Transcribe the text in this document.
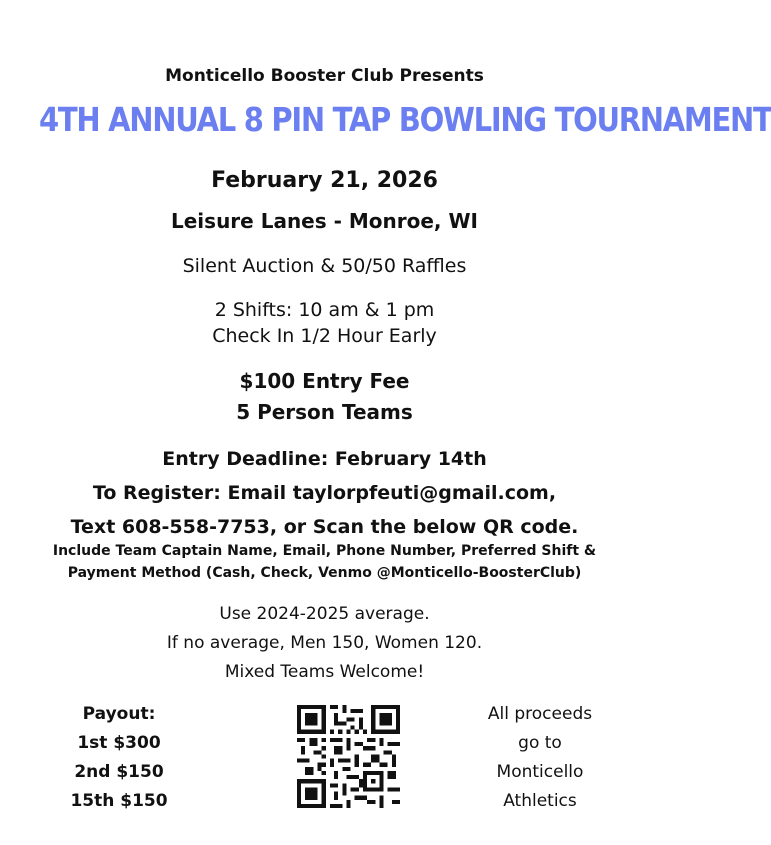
Monticello Booster Club Presents
4TH ANNUAL 8 PIN TAP BOWLING TOURNAMENT
February 21, 2026
Leisure Lanes - Monroe, WI
Silent Auction & 50/50 Raffles
2 Shifts: 10 am & 1 pm
Check In 1/2 Hour Early
$100 Entry Fee
5 Person Teams
Entry Deadline: February 14th
To Register: Email taylorpfeuti@gmail.com,
Text 608-558-7753, or Scan the below QR code.
Include Team Captain Name, Email, Phone Number, Preferred Shift &
Payment Method (Cash, Check, Venmo @Monticello-BoosterClub)
Use 2024-2025 average.
If no average, Men 150, Women 120.
Mixed Teams Welcome!
Payout:
1st $300
2nd $150
15th $150
All proceeds
go to
Monticello
Athletics
